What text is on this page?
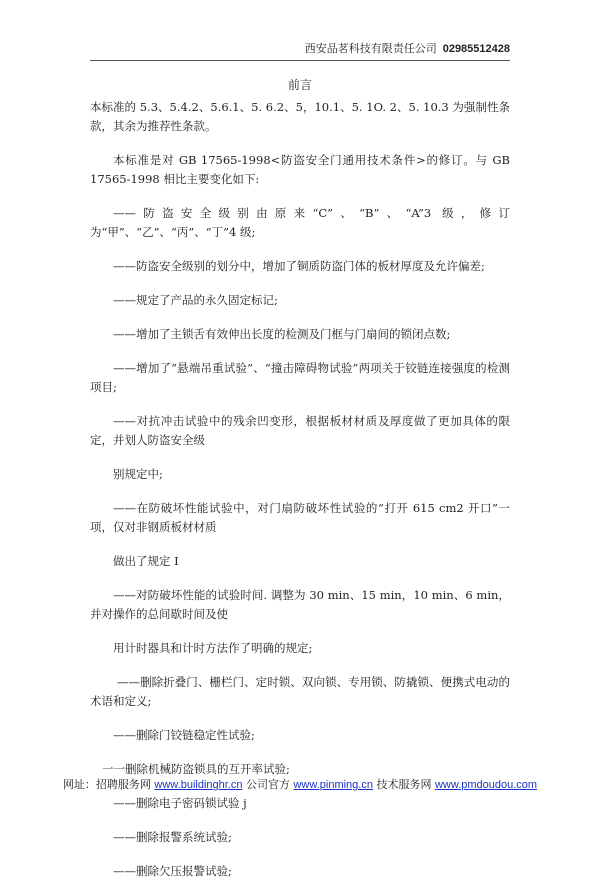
西安品茗科技有限责任公司 02985512428
前言

本标准的 5.3、5.4.2、5.6.1、5. 6.2、5，10.1、5. 1O. 2、5. 10.3 为强制性条款，其余为推荐性条款。

本标准是对 GB 17565-1998<防盗安全门通用技术条件>的修订。与 GB 17565-1998 相比主要变化如下:

——防盗安全级别由原来“C”、“B”、“A”3 级，修订为“甲”、“乙”、“丙”、“丁”4 级;

——防盗安全级别的划分中，增加了铜质防盗门体的板材厚度及允许偏差;

——规定了产品的永久固定标记;

——增加了主锁舌有效伸出长度的检测及门框与门扇间的锁闭点数;

——增加了“悬端吊重试验”、“撞击障碍物试验”两项关于铰链连接强度的检测项目;

——对抗冲击试验中的残余凹变形，根据板材材质及厚度做了更加具体的限定，并划人防盗安全级

别规定中;

——在防破坏性能试验中，对门扇防破坏性试验的“打开 615 cm2 开口”一项，仅对非钢质板材材质

做出了规定 I

——对防破坏性能的试验时间. 调整为 30 min、15 min，10 min、6 min，并对操作的总间歇时间及使

用计时器具和计时方法作了明确的规定;

——删除折叠门、栅栏门、定时锁、双向锁、专用锁、防撬锁、便携式电动的术语和定义;

——删除门铰链稳定性试验;

一一删除机械防盗锁具的互开率试验;

——删除电子密码锁试验 j

——删除报警系统试验;

——删除欠压报警试验;

网址：招聘服务网 www.buildinghr.cn 公司官方 www.pinming.cn 技术服务网 www.pmdoudou.com
